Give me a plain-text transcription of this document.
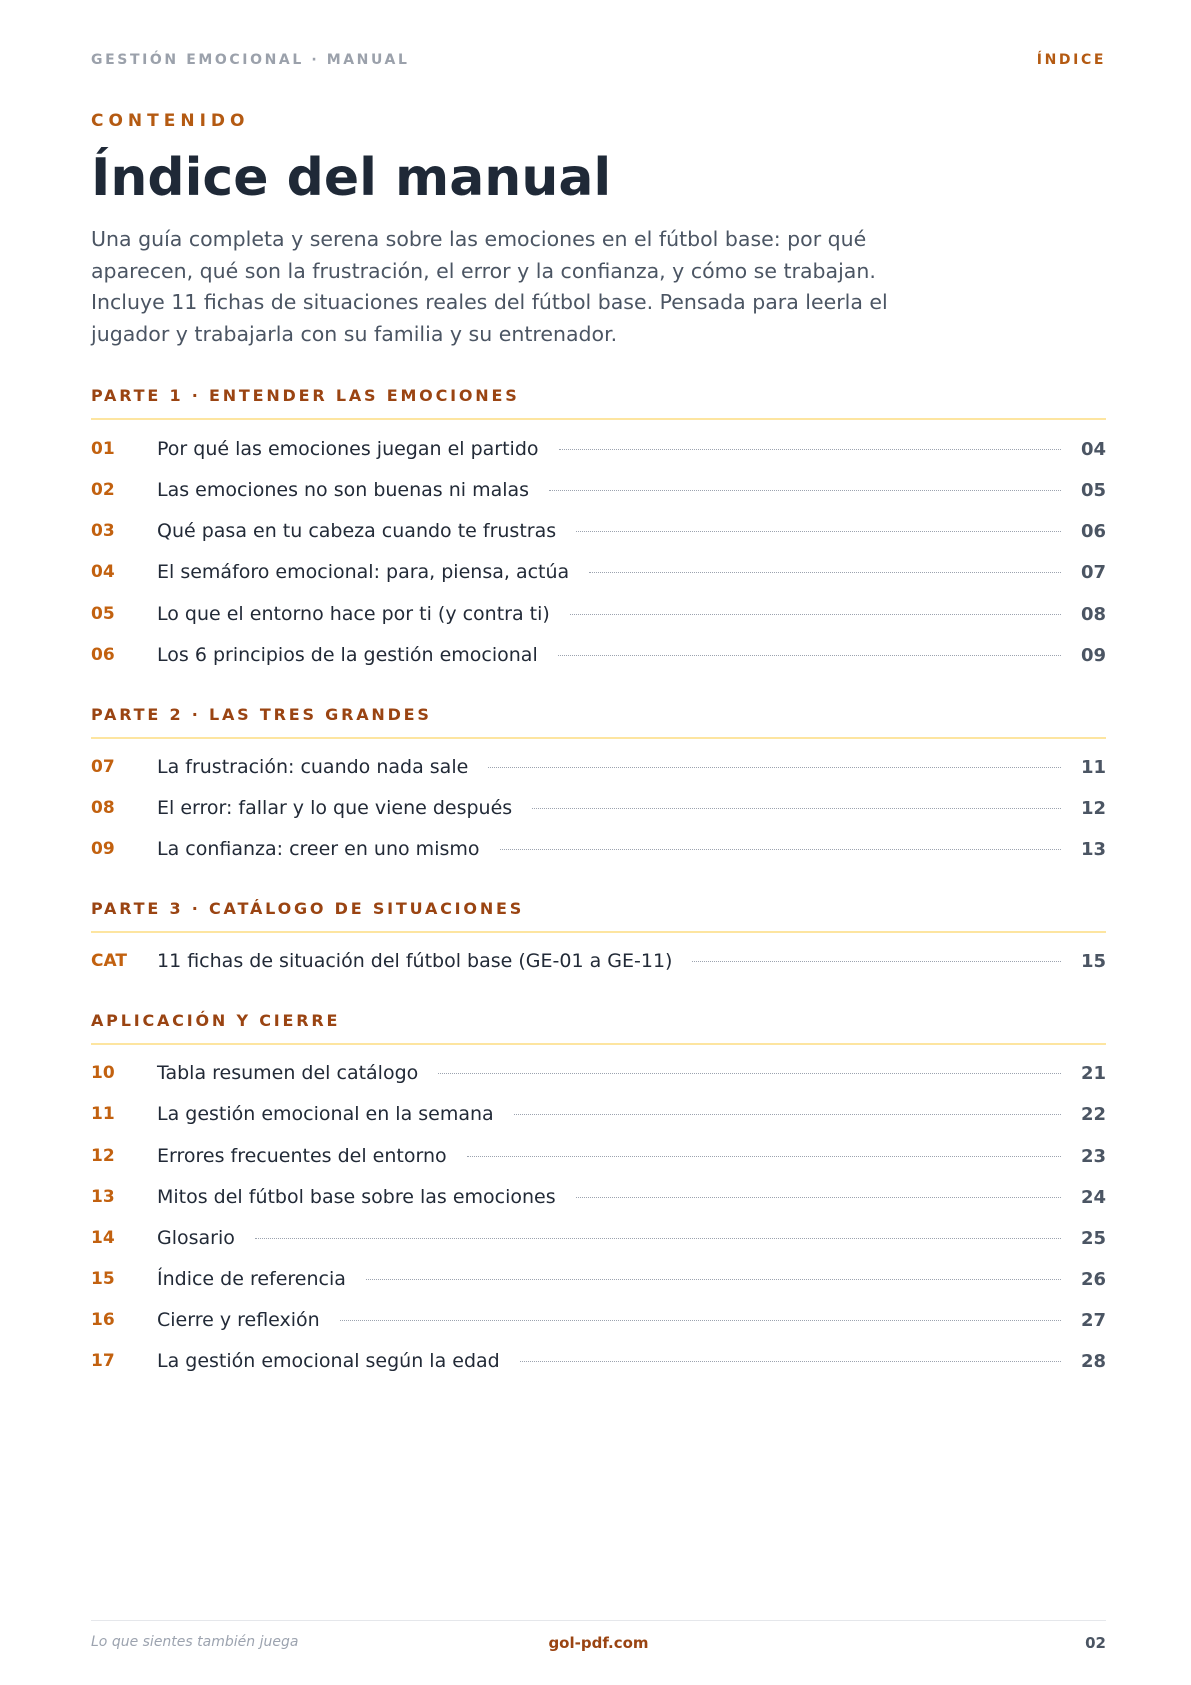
GESTIÓN EMOCIONAL · MANUAL	ÍNDICE
CONTENIDO
Índice del manual

Una guía completa y serena sobre las emociones en el fútbol base: por qué aparecen, qué son la frustración, el error y la confianza, y cómo se trabajan. Incluye 11 fichas de situaciones reales del fútbol base. Pensada para leerla el jugador y trabajarla con su familia y su entrenador.

PARTE 1 · ENTENDER LAS EMOCIONES
01	Por qué las emociones juegan el partido	04
02	Las emociones no son buenas ni malas	05
03	Qué pasa en tu cabeza cuando te frustras	06
04	El semáforo emocional: para, piensa, actúa	07
05	Lo que el entorno hace por ti (y contra ti)	08
06	Los 6 principios de la gestión emocional	09
PARTE 2 · LAS TRES GRANDES
07	La frustración: cuando nada sale	11
08	El error: fallar y lo que viene después	12
09	La confianza: creer en uno mismo	13
PARTE 3 · CATÁLOGO DE SITUACIONES
CAT	11 fichas de situación del fútbol base (GE-01 a GE-11)	15
APLICACIÓN Y CIERRE
10	Tabla resumen del catálogo	21
11	La gestión emocional en la semana	22
12	Errores frecuentes del entorno	23
13	Mitos del fútbol base sobre las emociones	24
14	Glosario	25
15	Índice de referencia	26
16	Cierre y reflexión	27
17	La gestión emocional según la edad	28
Lo que sientes también juega	gol-pdf.com	02
